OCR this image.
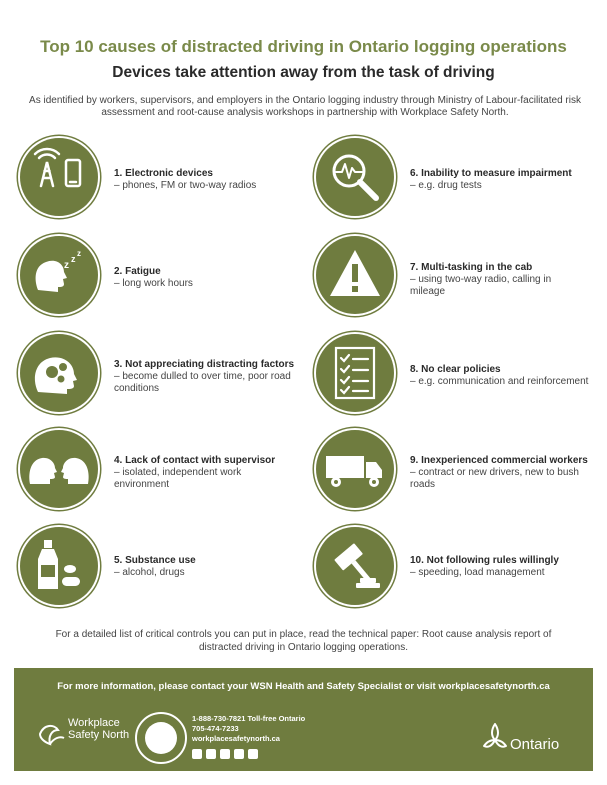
Top 10 causes of distracted driving in Ontario logging operations
Devices take attention away from the task of driving
As identified by workers, supervisors, and employers in the Ontario logging industry through Ministry of Labour-facilitated risk assessment and root-cause analysis workshops in partnership with Workplace Safety North.
1. Electronic devices
– phones, FM or two-way radios
z
z
z
2. Fatigue
– long work hours
3. Not appreciating distracting factors
– become dulled to over time, poor road conditions
4. Lack of contact with supervisor
– isolated, independent work environment
5. Substance use
– alcohol, drugs
6. Inability to measure impairment
– e.g. drug tests
7. Multi-tasking in the cab
– using two-way radio, calling in mileage
8. No clear policies
– e.g. communication and reinforcement
9. Inexperienced commercial workers
– contract or new drivers, new to bush roads
10. Not following rules willingly
– speeding, load management
For a detailed list of critical controls you can put in place, read the technical paper: Root cause analysis report of distracted driving in Ontario logging operations.
For more information, please contact your WSN Health and Safety Specialist or visit workplacesafetynorth.ca
Workplace
Safety North
1-888-730-7821 Toll-free Ontario
705-474-7233
workplacesafetynorth.ca	Ontario
